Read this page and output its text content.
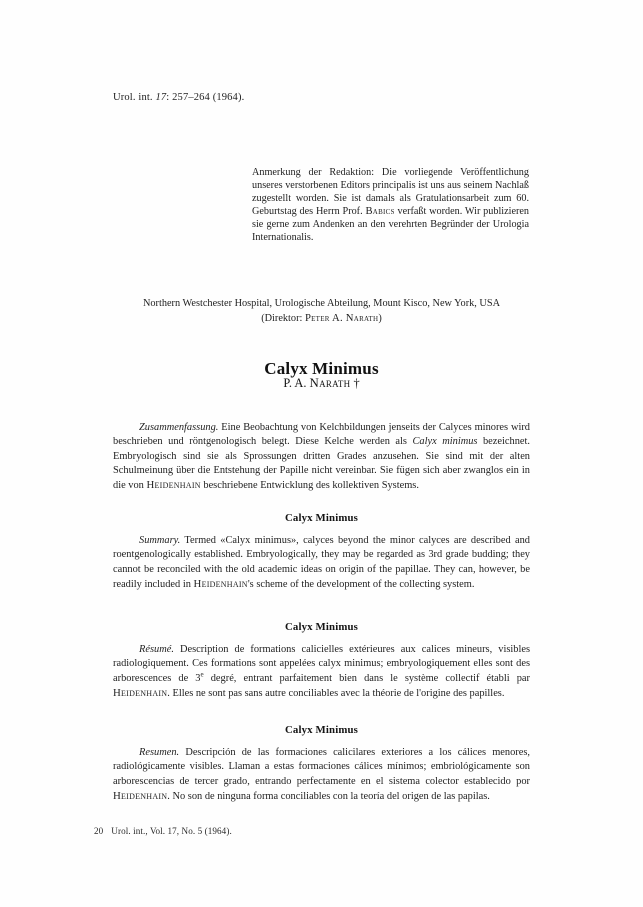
Urol. int. 17: 257–264 (1964).
Anmerkung der Redaktion: Die vorliegende Veröffentlichung unseres verstorbenen Editors principalis ist uns aus seinem Nachlaß zugestellt worden. Sie ist damals als Gratulationsarbeit zum 60. Geburtstag des Herrn Prof. Babics verfaßt worden. Wir publizieren sie gerne zum Andenken an den verehrten Begründer der Urologia Internationalis.
Northern Westchester Hospital, Urologische Abteilung, Mount Kisco, New York, USA
(Direktor: Peter A. Narath)
Calyx Minimus
P. A. Narath †

Zusammenfassung. Eine Beobachtung von Kelchbildungen jenseits der Calyces minores wird beschrieben und röntgenologisch belegt. Diese Kelche werden als Calyx minimus bezeichnet. Embryologisch sind sie als Sprossungen dritten Grades anzusehen. Sie sind mit der alten Schulmeinung über die Entstehung der Papille nicht vereinbar. Sie fügen sich aber zwanglos ein in die von Heidenhain beschriebene Entwicklung des kollektiven Systems.

Calyx Minimus

Summary. Termed «Calyx minimus», calyces beyond the minor calyces are described and roentgenologically established. Embryologically, they may be regarded as 3rd grade budding; they cannot be reconciled with the old academic ideas on origin of the papillae. They can, however, be readily included in Heidenhain's scheme of the development of the collecting system.

Calyx Minimus

Résumé. Description de formations calicielles extérieures aux calices mineurs, visibles radiologiquement. Ces formations sont appelées calyx minimus; embryologiquement elles sont des arborescences de 3e degré, entrant parfaitement bien dans le système collectif établi par Heidenhain. Elles ne sont pas sans autre conciliables avec la théorie de l'origine des papilles.

Calyx Minimus

Resumen. Descripción de las formaciones calicilares exteriores a los cálices menores, radiológicamente visibles. Llaman a estas formaciones cálices mínimos; embriológicamente son arborescencias de tercer grado, entrando perfectamente en el sistema colector establecido por Heidenhain. No son de ninguna forma conciliables con la teoría del origen de las papilas.

20 Urol. int., Vol. 17, No. 5 (1964).
